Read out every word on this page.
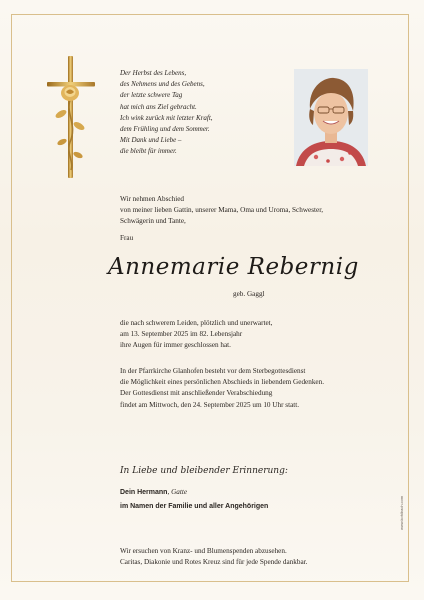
Der Herbst des Lebens,
des Nehmens und des Gebens,
der letzte schwere Tag
hat mich ans Ziel gebracht.
Ich wink zurück mit letzter Kraft,
dem Frühling und dem Sommer.
Mit Dank und Liebe –
die bleibt für immer.
Wir nehmen Abschied
von meiner lieben Gattin, unserer Mama, Oma und Uroma, Schwester,
Schwägerin und Tante,
Frau
Annemarie Rebernig
geb. Gaggl
die nach schwerem Leiden, plötzlich und unerwartet,
am 13. September 2025 im 82. Lebensjahr
ihre Augen für immer geschlossen hat.
In der Pfarrkirche Glanhofen besteht vor dem Sterbegottesdienst
die Möglichkeit eines persönlichen Abschieds in liebendem Gedenken.
Der Gottesdienst mit anschließender Verabschiedung
findet am Mittwoch, den 24. September 2025 um 10 Uhr statt.
In Liebe und bleibender Erinnerung:
Dein Hermann, Gatte
im Namen der Familie und aller Angehörigen
Wir ersuchen von Kranz- und Blumenspenden abzusehen.
Caritas, Diakonie und Rotes Kreuz sind für jede Spende dankbar.
www.kohlbach.com
